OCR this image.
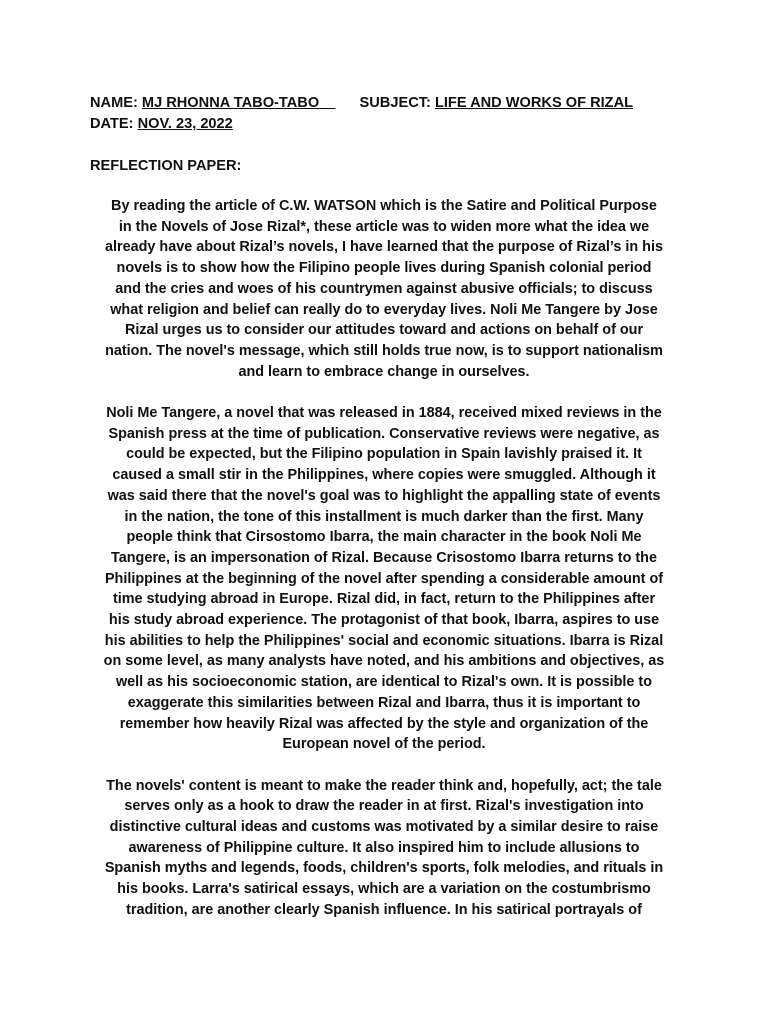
NAME: MJ RHONNA TABO-TABO	SUBJECT: LIFE AND WORKS OF RIZAL
DATE: NOV. 23, 2022
REFLECTION PAPER:

By reading the article of C.W. WATSON which is the Satire and Political Purpose
in the Novels of Jose Rizal*, these article was to widen more what the idea we
already have about Rizal’s novels, I have learned that the purpose of Rizal’s in his
novels is to show how the Filipino people lives during Spanish colonial period
and the cries and woes of his countrymen against abusive officials; to discuss
what religion and belief can really do to everyday lives. Noli Me Tangere by Jose
Rizal urges us to consider our attitudes toward and actions on behalf of our
nation. The novel's message, which still holds true now, is to support nationalism
and learn to embrace change in ourselves.

Noli Me Tangere, a novel that was released in 1884, received mixed reviews in the
Spanish press at the time of publication. Conservative reviews were negative, as
could be expected, but the Filipino population in Spain lavishly praised it. It
caused a small stir in the Philippines, where copies were smuggled. Although it
was said there that the novel's goal was to highlight the appalling state of events
in the nation, the tone of this installment is much darker than the first. Many
people think that Cirsostomo Ibarra, the main character in the book Noli Me
Tangere, is an impersonation of Rizal. Because Crisostomo Ibarra returns to the
Philippines at the beginning of the novel after spending a considerable amount of
time studying abroad in Europe. Rizal did, in fact, return to the Philippines after
his study abroad experience. The protagonist of that book, Ibarra, aspires to use
his abilities to help the Philippines' social and economic situations. Ibarra is Rizal
on some level, as many analysts have noted, and his ambitions and objectives, as
well as his socioeconomic station, are identical to Rizal's own. It is possible to
exaggerate this similarities between Rizal and Ibarra, thus it is important to
remember how heavily Rizal was affected by the style and organization of the
European novel of the period.

The novels' content is meant to make the reader think and, hopefully, act; the tale
serves only as a hook to draw the reader in at first. Rizal's investigation into
distinctive cultural ideas and customs was motivated by a similar desire to raise
awareness of Philippine culture. It also inspired him to include allusions to
Spanish myths and legends, foods, children's sports, folk melodies, and rituals in
his books. Larra's satirical essays, which are a variation on the costumbrismo
tradition, are another clearly Spanish influence. In his satirical portrayals of
